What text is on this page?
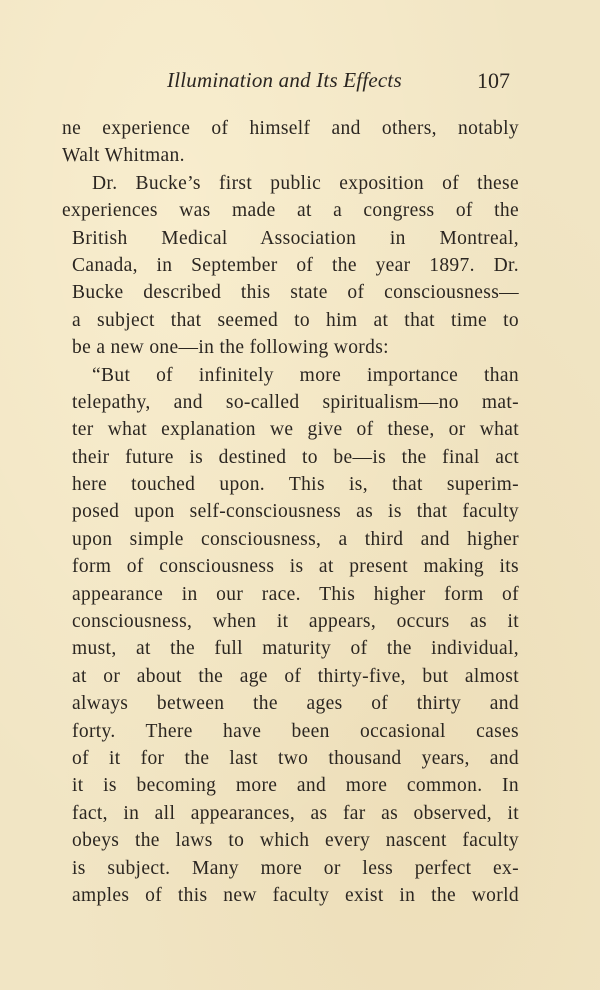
Illumination and Its Effects	107
ne experience of himself and others, notably
Walt Whitman.
Dr. Bucke’s first public exposition of these
experiences was made at a congress of the
British Medical Association in Montreal,
Canada, in September of the year 1897. Dr.
Bucke described this state of consciousness—
a subject that seemed to him at that time to
be a new one—in the following words:
“But of infinitely more importance than
telepathy, and so-called spiritualism—no mat-
ter what explanation we give of these, or what
their future is destined to be—is the final act
here touched upon. This is, that superim-
posed upon self-consciousness as is that faculty
upon simple consciousness, a third and higher
form of consciousness is at present making its
appearance in our race. This higher form of
consciousness, when it appears, occurs as it
must, at the full maturity of the individual,
at or about the age of thirty-five, but almost
always between the ages of thirty and
forty. There have been occasional cases
of it for the last two thousand years, and
it is becoming more and more common. In
fact, in all appearances, as far as observed, it
obeys the laws to which every nascent faculty
is subject. Many more or less perfect ex-
amples of this new faculty exist in the world
